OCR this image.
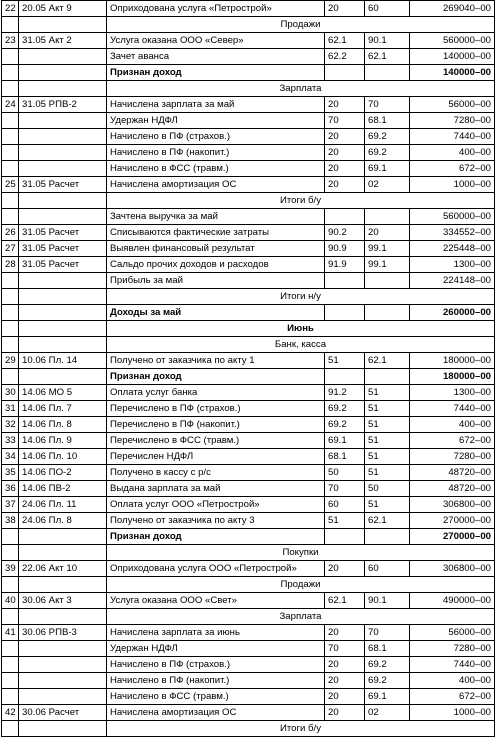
22	20.05 Акт 9	Оприходована услуга «Петрострой»	20	60	269040–00
		Продажи			
23	31.05 Акт 2	Услуга оказана ООО «Север»	62.1	90.1	560000–00
		Зачет аванса	62.2	62.1	140000–00
		Признан доход			140000–00
		Зарплата			
24	31.05 РПВ-2	Начислена зарплата за май	20	70	56000–00
		Удержан НДФЛ	70	68.1	7280–00
		Начислено в ПФ (страхов.)	20	69.2	7440–00
		Начислено в ПФ (накопит.)	20	69.2	400–00
		Начислено в ФСС (травм.)	20	69.1	672–00
25	31.05 Расчет	Начислена амортизация ОС	20	02	1000–00
		Итоги б/у			
		Зачтена выручка за май			560000–00
26	31.05 Расчет	Списываются фактические затраты	90.2	20	334552–00
27	31.05 Расчет	Выявлен финансовый результат	90.9	99.1	225448–00
28	31.05 Расчет	Сальдо прочих доходов и расходов	91.9	99.1	1300–00
		Прибыль за май			224148–00
		Итоги н/у			
		Доходы за май			260000–00
		Июнь			
		Банк, касса			
29	10.06 Пл. 14	Получено от заказчика по акту 1	51	62.1	180000–00
		Признан доход			180000–00
30	14.06 МО 5	Оплата услуг банка	91.2	51	1300–00
31	14.06 Пл. 7	Перечислено в ПФ (страхов.)	69.2	51	7440–00
32	14.06 Пл. 8	Перечислено в ПФ (накопит.)	69.2	51	400–00
33	14.06 Пл. 9	Перечислено в ФСС (травм.)	69.1	51	672–00
34	14.06 Пл. 10	Перечислен НДФЛ	68.1	51	7280–00
35	14.06 ПО-2	Получено в кассу с р/с	50	51	48720–00
36	14.06 ПВ-2	Выдана зарплата за май	70	50	48720–00
37	24.06 Пл. 11	Оплата услуг ООО «Петрострой»	60	51	306800–00
38	24.06 Пл. 8	Получено от заказчика по акту 3	51	62.1	270000–00
		Признан доход			270000–00
		Покупки			
39	22.06 Акт 10	Оприходована услуга ООО «Петрострой»	20	60	306800–00
		Продажи			
40	30.06 Акт 3	Услуга оказана ООО «Свет»	62.1	90.1	490000–00
		Зарплата			
41	30.06 РПВ-3	Начислена зарплата за июнь	20	70	56000–00
		Удержан НДФЛ	70	68.1	7280–00
		Начислено в ПФ (страхов.)	20	69.2	7440–00
		Начислено в ПФ (накопит.)	20	69.2	400–00
		Начислено в ФСС (травм.)	20	69.1	672–00
42	30.06 Расчет	Начислена амортизация ОС	20	02	1000–00
		Итоги б/у			
